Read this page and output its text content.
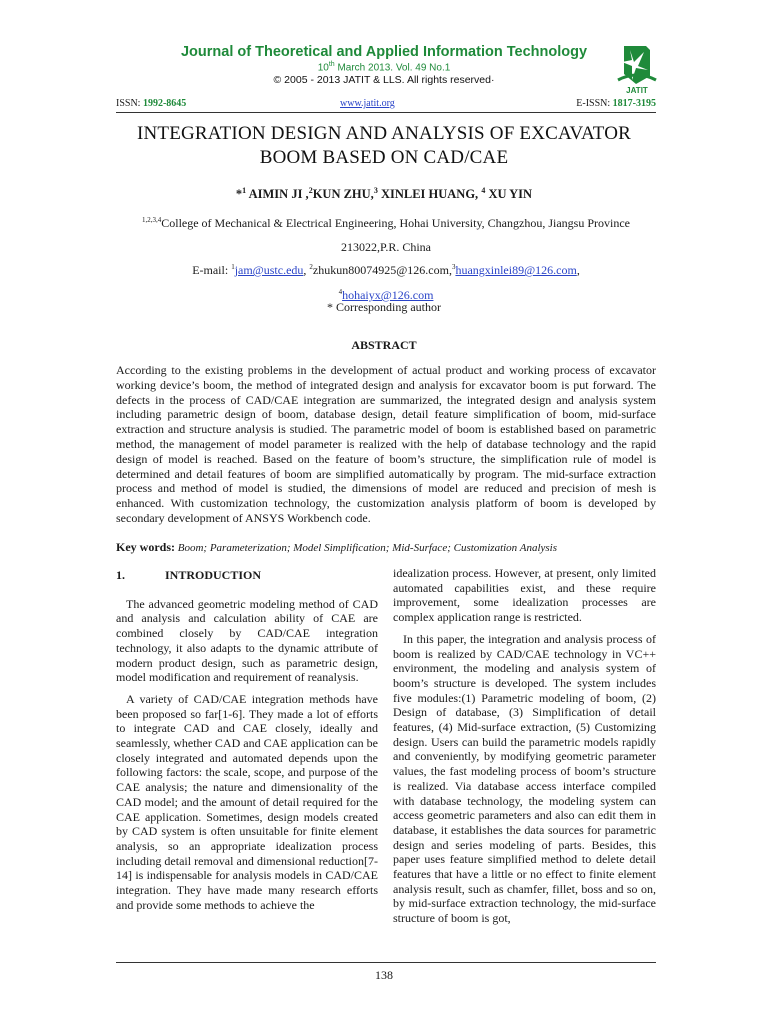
Journal of Theoretical and Applied Information Technology
10th March 2013. Vol. 49 No.1
© 2005 - 2013 JATIT & LLS. All rights reserved·
JATIT
ISSN: 1992-8645	www.jatit.org	E-ISSN: 1817-3195
INTEGRATION DESIGN AND ANALYSIS OF EXCAVATOR
BOOM BASED ON CAD/CAE
*$^1$ AIMIN JI ,$^2$KUN ZHU,$^3$ XINLEI HUANG, $^4$ XU YIN
$^{1,2,3,4}$College of Mechanical & Electrical Engineering, Hohai University, Changzhou, Jiangsu Province
213022,P.R. China
E-mail: $^1$jam@ustc.edu, $^2$zhukun80074925@126.com,$^3$huangxinlei89@126.com,
$^4$hohaiyx@126.com
* Corresponding author
ABSTRACT
According to the existing problems in the development of actual product and working process of excavator working device’s boom, the method of integrated design and analysis for excavator boom is put forward. The defects in the process of CAD/CAE integration are summarized, the integrated design and analysis system including parametric design of boom, database design, detail feature simplification of boom, mid-surface extraction and structure analysis is studied. The parametric model of boom is established based on parametric method, the management of model parameter is realized with the help of database technology and the rapid design of model is reached. Based on the feature of boom’s structure, the simplification rule of model is determined and detail features of boom are simplified automatically by program. The mid-surface extraction process and method of model is studied, the dimensions of model are reduced and precision of mesh is enhanced. With customization technology, the customization analysis platform of boom is developed by secondary development of ANSYS Workbench code.
Key words: Boom; Parameterization; Model Simplification; Mid-Surface; Customization Analysis
1.	INTRODUCTION

The advanced geometric modeling method of CAD and analysis and calculation ability of CAE are combined closely by CAD/CAE integration technology, it also adapts to the dynamic attribute of modern product design, such as parametric design, model modification and requirement of reanalysis.

A variety of CAD/CAE integration methods have been proposed so far[1-6]. They made a lot of efforts to integrate CAD and CAE closely, ideally and seamlessly, whether CAD and CAE application can be closely integrated and automated depends upon the following factors: the scale, scope, and purpose of the CAE analysis; the nature and dimensionality of the CAD model; and the amount of detail required for the CAE application. Sometimes, design models created by CAD system is often unsuitable for finite element analysis, so an appropriate idealization process including detail removal and dimensional reduction[7-14] is indispensable for analysis models in CAD/CAE integration. They have made many research efforts and provide some methods to achieve the

idealization process. However, at present, only limited automated capabilities exist, and these require improvement, some idealization processes are complex application range is restricted.

In this paper, the integration and analysis process of boom is realized by CAD/CAE technology in VC++ environment, the modeling and analysis system of boom’s structure is developed. The system includes five modules:(1) Parametric modeling of boom, (2) Design of database, (3) Simplification of detail features, (4) Mid-surface extraction, (5) Customizing design. Users can build the parametric models rapidly and conveniently, by modifying geometric parameter values, the fast modeling process of boom’s structure is realized. Via database access interface compiled with database technology, the modeling system can access geometric parameters and also can edit them in database, it establishes the data sources for parametric design and series modeling of parts. Besides, this paper uses feature simplified method to delete detail features that have a little or no effect to finite element analysis result, such as chamfer, fillet, boss and so on, by mid-surface extraction technology, the mid-surface structure of boom is got,

138
